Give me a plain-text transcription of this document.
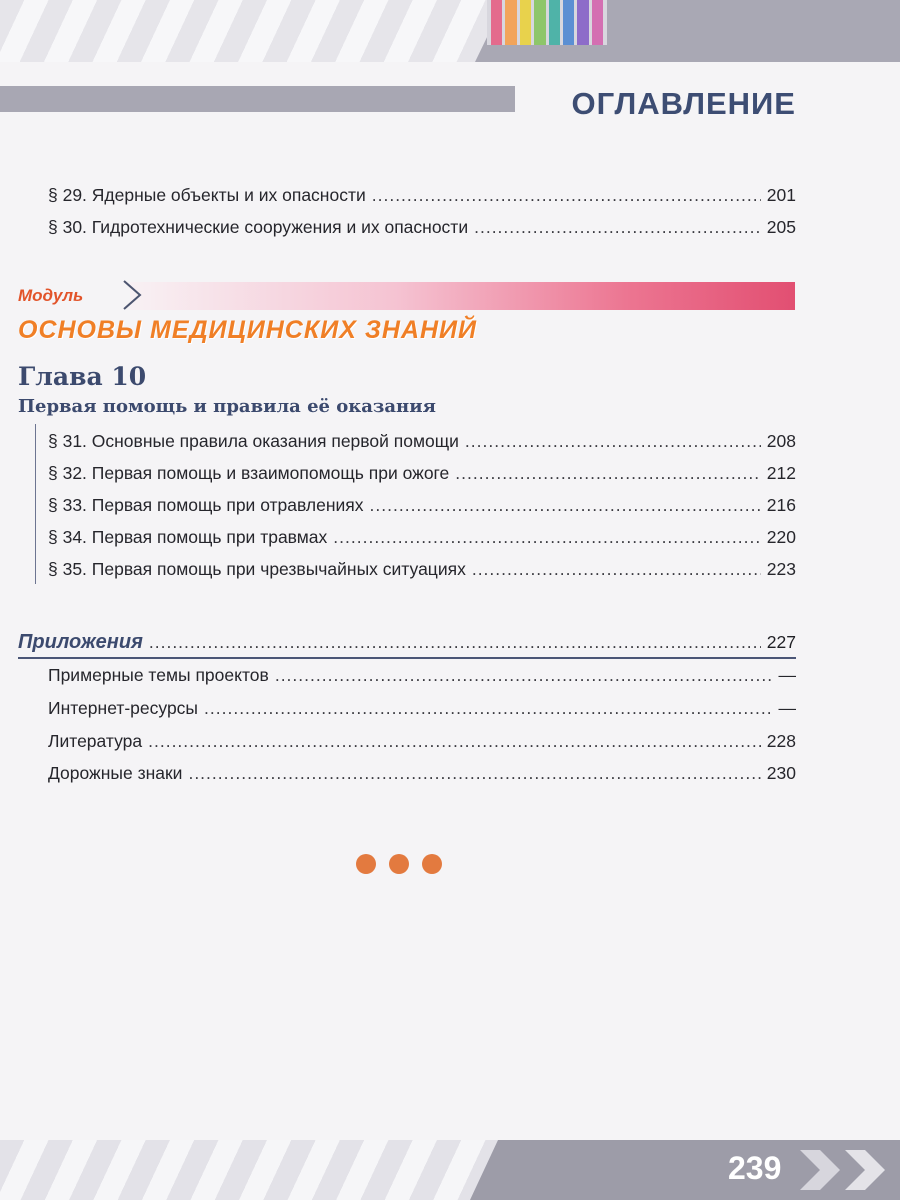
ОГЛАВЛЕНИЕ
§ 29. Ядерные объекты и их опасности .....	201
§ 30. Гидротехнические сооружения и их опасности .....	205
Модуль
ОСНОВЫ МЕДИЦИНСКИХ ЗНАНИЙ
Глава 10
Первая помощь и правила её оказания
§ 31. Основные правила оказания первой помощи .....	208
§ 32. Первая помощь и взаимопомощь при ожоге .....	212
§ 33. Первая помощь при отравлениях .....	216
§ 34. Первая помощь при травмах .....	220
§ 35. Первая помощь при чрезвычайных ситуациях .....	223
Приложения .....	227
Примерные темы проектов .....	—
Интернет-ресурсы .....	—
Литература .....	228
Дорожные знаки .....	230
239
